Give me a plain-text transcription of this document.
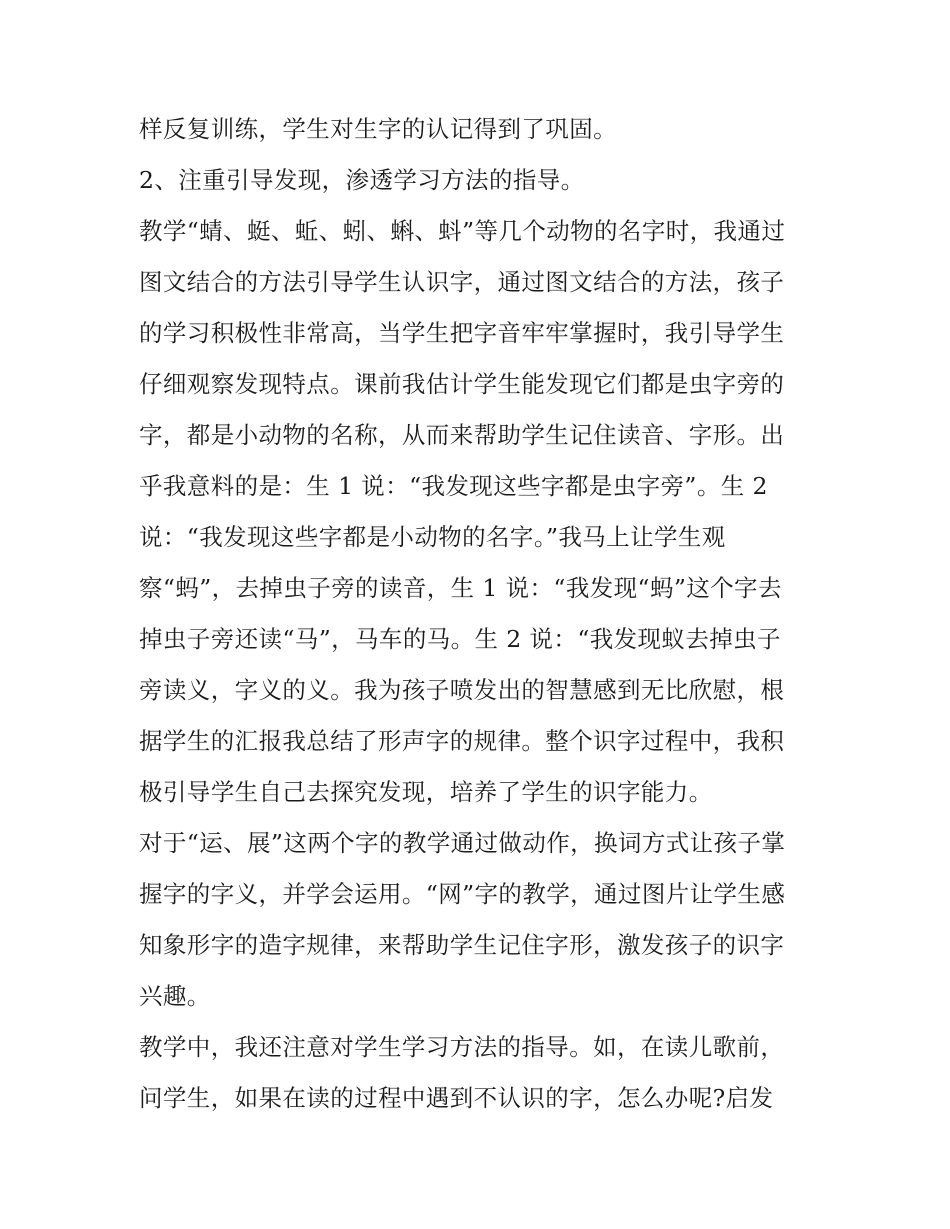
样反复训练，学生对生字的认记得到了巩固。
2、注重引导发现，渗透学习方法的指导。
教学“蜻、蜓、蚯、蚓、蝌、蚪”等几个动物的名字时，我通过
图文结合的方法引导学生认识字，通过图文结合的方法，孩子
的学习积极性非常高，当学生把字音牢牢掌握时，我引导学生
仔细观察发现特点。课前我估计学生能发现它们都是虫字旁的
字，都是小动物的名称，从而来帮助学生记住读音、字形。出
乎我意料的是：生 1 说：“我发现这些字都是虫字旁”。生 2
说：“我发现这些字都是小动物的名字。”我马上让学生观
察“蚂”，去掉虫子旁的读音，生 1 说：“我发现“蚂”这个字去
掉虫子旁还读“马”，马车的马。生 2 说：“我发现蚁去掉虫子
旁读义，字义的义。我为孩子喷发出的智慧感到无比欣慰，根
据学生的汇报我总结了形声字的规律。整个识字过程中，我积
极引导学生自己去探究发现，培养了学生的识字能力。
对于“运、展”这两个字的教学通过做动作，换词方式让孩子掌
握字的字义，并学会运用。“网”字的教学，通过图片让学生感
知象形字的造字规律，来帮助学生记住字形，激发孩子的识字
兴趣。
教学中，我还注意对学生学习方法的指导。如，在读儿歌前，
问学生，如果在读的过程中遇到不认识的字，怎么办呢?启发
